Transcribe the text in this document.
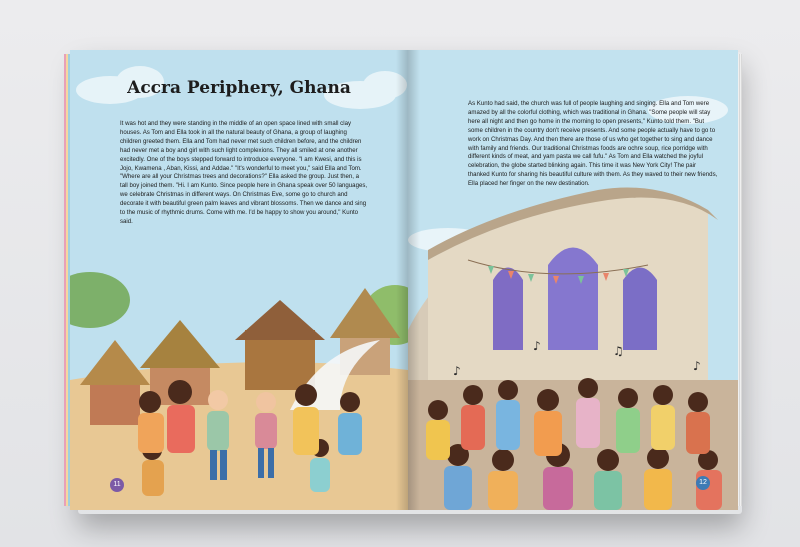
Accra Periphery, Ghana
It was hot and they were standing in the middle of an open space lined with small clay houses. As Tom and Ella took in all the natural beauty of Ghana, a group of laughing children greeted them. Ella and Tom had never met such children before, and the children had never met a boy and girl with such light complexions. They all smiled at one another excitedly. One of the boys stepped forward to introduce everyone. "I am Kwesi, and this is Jojo, Kwamena , Aban, Kissi, and Addae." "It's wonderful to meet you," said Ella and Tom. "Where are all your Christmas trees and decorations?" Ella asked the group. Just then, a tall boy joined them. "Hi. I am Kunto. Since people here in Ghana speak over 50 languages, we celebrate Christmas in different ways. On Christmas Eve, some go to church and decorate it with beautiful green palm leaves and vibrant blossoms. Then we dance and sing to the music of rhythmic drums. Come with me. I'd be happy to show you around," Kunto said.
11
♪	♫
♪	♪
As Kunto had said, the church was full of people laughing and singing. Ella and Tom were amazed by all the colorful clothing, which was traditional in Ghana. "Some people will stay here all night and then go home in the morning to open presents," Kunto told them. "But some children in the country don't receive presents. And some people actually have to go to work on Christmas Day. And then there are those of us who get together to sing and dance with family and friends. Our traditional Christmas foods are ochre soup, rice porridge with different kinds of meat, and yam pasta we call fufu." As Tom and Ella watched the joyful celebration, the globe started blinking again. This time it was New York City! The pair thanked Kunto for sharing his beautiful culture with them. As they waved to their new friends, Ella placed her finger on the new destination.
12
